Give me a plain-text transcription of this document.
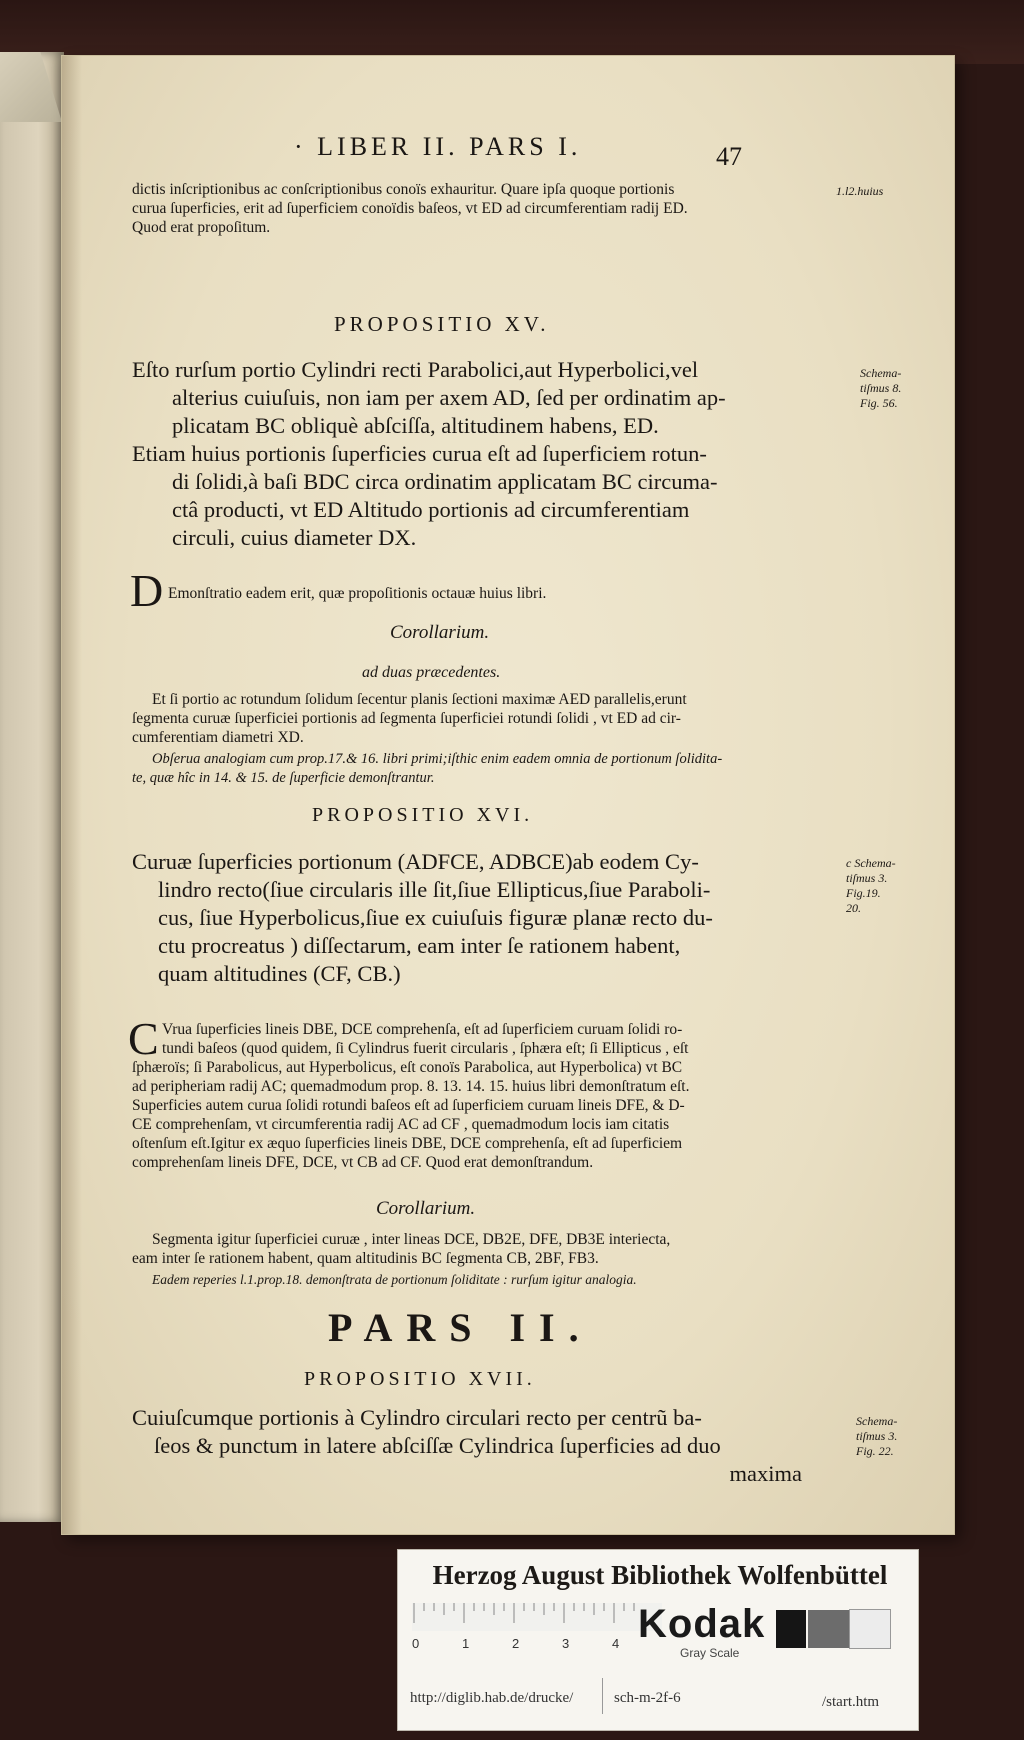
· LIBER II. PARS I.	47
dictis inſcriptionibus ac conſcriptionibus conoïs exhauritur. Quare ipſa quoque portionis
curua ſuperficies, erit ad ſuperficiem conoïdis baſeos, vt ED ad circumferentiam radij ED.
Quod erat propoſitum.
1.l2.huius
PROPOSITIO XV.
Eſto rurſum portio Cylindri recti Parabolici,aut Hyperbolici,vel
alterius cuiuſuis, non iam per axem AD, ſed per ordinatim ap-
plicatam BC obliquè abſciſſa, altitudinem habens, ED.
Etiam huius portionis ſuperficies curua eſt ad ſuperficiem rotun-
di ſolidi,à baſi BDC circa ordinatim applicatam BC circuma-
ctâ producti, vt ED Altitudo portionis ad circumferentiam
circuli, cuius diameter DX.
Schema-
tiſmus 8.
Fig. 56.
D Emonſtratio eadem erit, quæ propoſitionis octauæ huius libri.
Corollarium.
ad duas præcedentes.
Et ſi portio ac rotundum ſolidum ſecentur planis ſectioni maximæ AED parallelis,erunt
ſegmenta curuæ ſuperficiei portionis ad ſegmenta ſuperficiei rotundi ſolidi , vt ED ad cir-
cumferentiam diametri XD.
Obſerua analogiam cum prop.17.& 16. libri primi;iſthic enim eadem omnia de portionum ſolidita-
te, quæ hîc in 14. & 15. de ſuperficie demonſtrantur.
PROPOSITIO XVI.
Curuæ ſuperficies portionum (ADFCE, ADBCE)ab eodem Cy-
lindro recto(ſiue circularis ille ſit,ſiue Ellipticus,ſiue Paraboli-
cus, ſiue Hyperbolicus,ſiue ex cuiuſuis figuræ planæ recto du-
ctu procreatus ) diſſectarum, eam inter ſe rationem habent,
quam altitudines (CF, CB.)
c Schema-
tiſmus 3.
Fig.19.
20.
C Vrua ſuperficies lineis DBE, DCE comprehenſa, eſt ad ſuperficiem curuam ſolidi ro-
tundi baſeos (quod quidem, ſi Cylindrus fuerit circularis , ſphæra eſt; ſi Ellipticus , eſt
ſphæroïs; ſi Parabolicus, aut Hyperbolicus, eſt conoïs Parabolica, aut Hyperbolica) vt BC
ad peripheriam radij AC; quemadmodum prop. 8. 13. 14. 15. huius libri demonſtratum eſt.
Superficies autem curua ſolidi rotundi baſeos eſt ad ſuperficiem curuam lineis DFE, & D-
CE comprehenſam, vt circumferentia radij AC ad CF , quemadmodum locis iam citatis
oſtenſum eſt.Igitur ex æquo ſuperficies lineis DBE, DCE comprehenſa, eſt ad ſuperficiem
comprehenſam lineis DFE, DCE, vt CB ad CF. Quod erat demonſtrandum.
Corollarium.
Segmenta igitur ſuperficiei curuæ , inter lineas DCE, DB2E, DFE, DB3E interiecta,
eam inter ſe rationem habent, quam altitudinis BC ſegmenta CB, 2BF, FB3.
Eadem reperies l.1.prop.18. demonſtrata de portionum ſoliditate : rurſum igitur analogia.
PARS II.
PROPOSITIO XVII.
Cuiuſcumque portionis à Cylindro circulari recto per centrũ ba-
ſeos & punctum in latere abſciſſæ Cylindrica ſuperficies ad duo
maxima
Schema-
tiſmus 3.
Fig. 22.
Herzog August Bibliothek Wolfenbüttel
0	1	2	3	4 Kodak
Gray Scale
http://diglib.hab.de/drucke/	sch-m-2f-6	/start.htm
